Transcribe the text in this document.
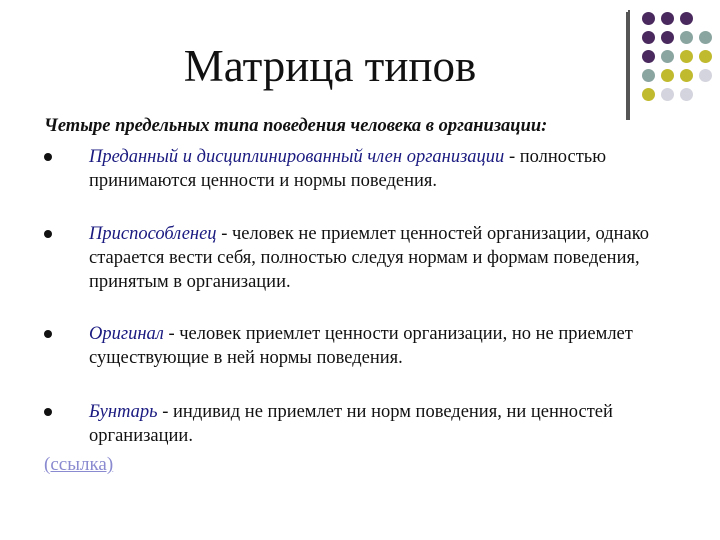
Матрица типов

Четыре предельных типа поведения человека в организации:

Преданный и дисциплинированный член организации - полностью принимаются ценности и нормы поведения.
Приспособленец - человек не приемлет ценностей организации, однако старается вести себя, полностью следуя нормам и формам поведения, принятым в организации.
Оригинал - человек приемлет ценности организации, но не приемлет существующие в ней нормы поведения.
Бунтарь - индивид не приемлет ни норм поведения, ни ценностей организации.
(ссылка)
